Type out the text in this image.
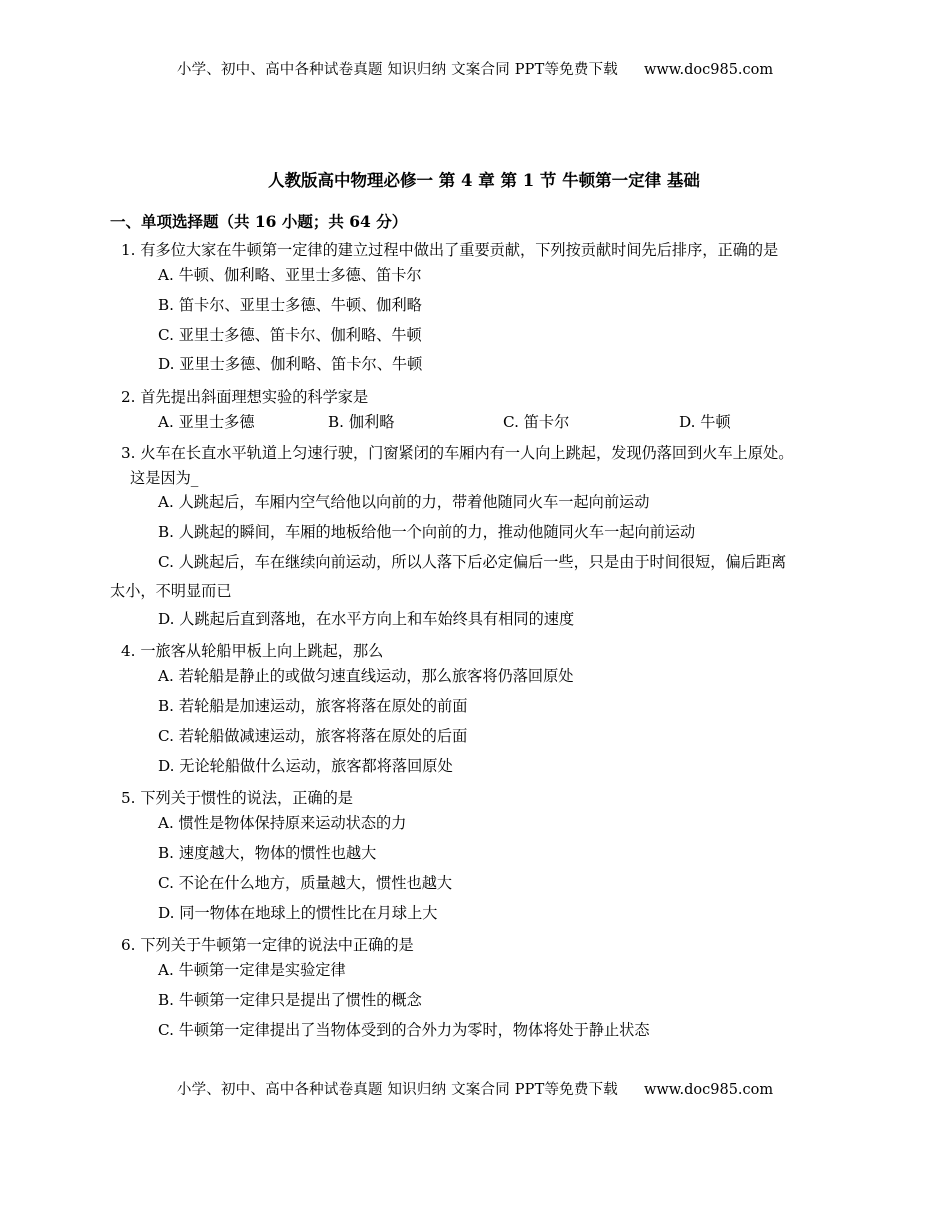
小学、初中、高中各种试卷真题 知识归纳 文案合同 PPT等免费下载 www.doc985.com
人教版高中物理必修一 第 4 章 第 1 节 牛顿第一定律 基础
一、单项选择题（共 16 小题；共 64 分）
1. 有多位大家在牛顿第一定律的建立过程中做出了重要贡献，下列按贡献时间先后排序，正确的是
A. 牛顿、伽利略、亚里士多德、笛卡尔
B. 笛卡尔、亚里士多德、牛顿、伽利略
C. 亚里士多德、笛卡尔、伽利略、牛顿
D. 亚里士多德、伽利略、笛卡尔、牛顿
2. 首先提出斜面理想实验的科学家是
A. 亚里士多德	B. 伽利略	C. 笛卡尔	D. 牛顿
3. 火车在长直水平轨道上匀速行驶，门窗紧闭的车厢内有一人向上跳起，发现仍落回到火车上原处。
这是因为_
A. 人跳起后，车厢内空气给他以向前的力，带着他随同火车一起向前运动
B. 人跳起的瞬间，车厢的地板给他一个向前的力，推动他随同火车一起向前运动
C. 人跳起后，车在继续向前运动，所以人落下后必定偏后一些，只是由于时间很短，偏后距离
太小，不明显而已
D. 人跳起后直到落地，在水平方向上和车始终具有相同的速度
4. 一旅客从轮船甲板上向上跳起，那么
A. 若轮船是静止的或做匀速直线运动，那么旅客将仍落回原处
B. 若轮船是加速运动，旅客将落在原处的前面
C. 若轮船做减速运动，旅客将落在原处的后面
D. 无论轮船做什么运动，旅客都将落回原处
5. 下列关于惯性的说法，正确的是
A. 惯性是物体保持原来运动状态的力
B. 速度越大，物体的惯性也越大
C. 不论在什么地方，质量越大，惯性也越大
D. 同一物体在地球上的惯性比在月球上大
6. 下列关于牛顿第一定律的说法中正确的是
A. 牛顿第一定律是实验定律
B. 牛顿第一定律只是提出了惯性的概念
C. 牛顿第一定律提出了当物体受到的合外力为零时，物体将处于静止状态
小学、初中、高中各种试卷真题 知识归纳 文案合同 PPT等免费下载 www.doc985.com
